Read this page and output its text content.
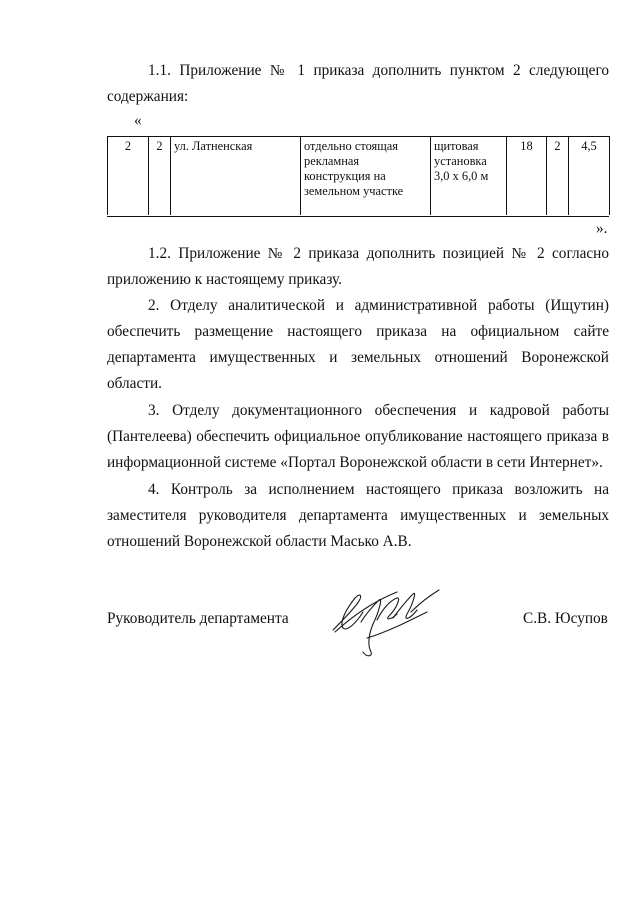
1.1. Приложение № 1 приказа дополнить пунктом 2 следующего
содержания:
«
2	2	ул. Латненская	отдельно стоящая рекламная конструкция на земельном участке	щитовая установка 3,0 х 6,0 м	18	2	4,5
».
1.2. Приложение № 2 приказа дополнить позицией № 2 согласно
приложению к настоящему приказу.
2. Отделу аналитической и административной работы (Ищутин)
обеспечить размещение настоящего приказа на официальном сайте
департамента имущественных и земельных отношений Воронежской
области.
3. Отделу документационного обеспечения и кадровой работы
(Пантелеева) обеспечить официальное опубликование настоящего приказа в
информационной системе «Портал Воронежской области в сети Интернет».
4. Контроль за исполнением настоящего приказа возложить на
заместителя руководителя департамента имущественных и земельных
отношений Воронежской области Масько А.В.
Руководитель департамента	С.В. Юсупов
